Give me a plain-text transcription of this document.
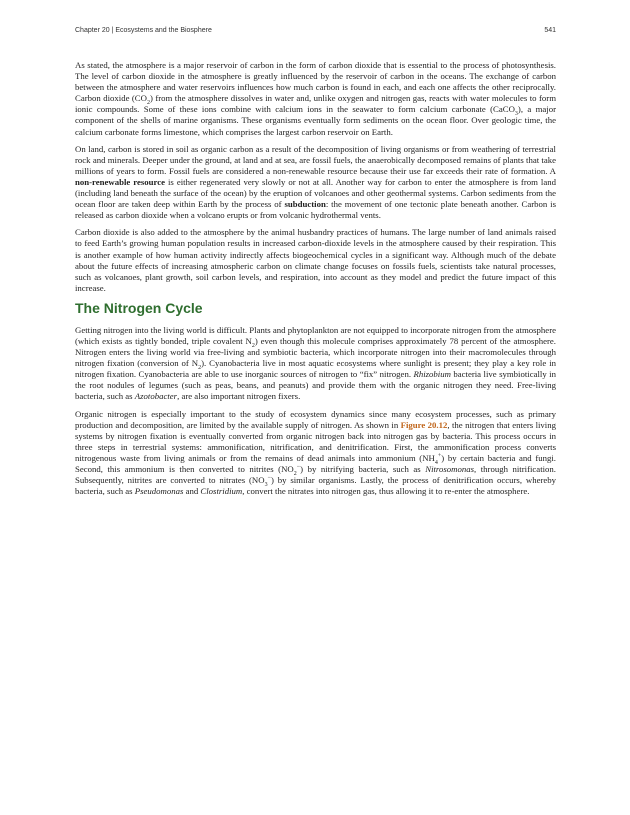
Chapter 20 | Ecosystems and the Biosphere	541

As stated, the atmosphere is a major reservoir of carbon in the form of carbon dioxide that is essential to the process of photosynthesis. The level of carbon dioxide in the atmosphere is greatly influenced by the reservoir of carbon in the oceans. The exchange of carbon between the atmosphere and water reservoirs influences how much carbon is found in each, and each one affects the other reciprocally. Carbon dioxide $(CO_2)$ from the atmosphere dissolves in water and, unlike oxygen and nitrogen gas, reacts with water molecules to form ionic compounds. Some of these ions combine with calcium ions in the seawater to form calcium carbonate (CaCO$_3$), a major component of the shells of marine organisms. These organisms eventually form sediments on the ocean floor. Over geologic time, the calcium carbonate forms limestone, which comprises the largest carbon reservoir on Earth.

On land, carbon is stored in soil as organic carbon as a result of the decomposition of living organisms or from weathering of terrestrial rock and minerals. Deeper under the ground, at land and at sea, are fossil fuels, the anaerobically decomposed remains of plants that take millions of years to form. Fossil fuels are considered a non-renewable resource because their use far exceeds their rate of formation. A non-renewable resource is either regenerated very slowly or not at all. Another way for carbon to enter the atmosphere is from land (including land beneath the surface of the ocean) by the eruption of volcanoes and other geothermal systems. Carbon sediments from the ocean floor are taken deep within Earth by the process of subduction: the movement of one tectonic plate beneath another. Carbon is released as carbon dioxide when a volcano erupts or from volcanic hydrothermal vents.

Carbon dioxide is also added to the atmosphere by the animal husbandry practices of humans. The large number of land animals raised to feed Earth’s growing human population results in increased carbon-dioxide levels in the atmosphere caused by their respiration. This is another example of how human activity indirectly affects biogeochemical cycles in a significant way. Although much of the debate about the future effects of increasing atmospheric carbon on climate change focuses on fossils fuels, scientists take natural processes, such as volcanoes, plant growth, soil carbon levels, and respiration, into account as they model and predict the future impact of this increase.

The Nitrogen Cycle

Getting nitrogen into the living world is difficult. Plants and phytoplankton are not equipped to incorporate nitrogen from the atmosphere (which exists as tightly bonded, triple covalent $N_2$) even though this molecule comprises approximately 78 percent of the atmosphere. Nitrogen enters the living world via free-living and symbiotic bacteria, which incorporate nitrogen into their macromolecules through nitrogen fixation (conversion of $N_2$). Cyanobacteria live in most aquatic ecosystems where sunlight is present; they play a key role in nitrogen fixation. Cyanobacteria are able to use inorganic sources of nitrogen to “fix” nitrogen. Rhizobium bacteria live symbiotically in the root nodules of legumes (such as peas, beans, and peanuts) and provide them with the organic nitrogen they need. Free-living bacteria, such as Azotobacter, are also important nitrogen fixers.

Organic nitrogen is especially important to the study of ecosystem dynamics since many ecosystem processes, such as primary production and decomposition, are limited by the available supply of nitrogen. As shown in Figure 20.12, the nitrogen that enters living systems by nitrogen fixation is eventually converted from organic nitrogen back into nitrogen gas by bacteria. This process occurs in three steps in terrestrial systems: ammonification, nitrification, and denitrification. First, the ammonification process converts nitrogenous waste from living animals or from the remains of dead animals into ammonium $(NH_4^+)$ by certain bacteria and fungi. Second, this ammonium is then converted to nitrites $(NO_2^-)$ by nitrifying bacteria, such as Nitrosomonas, through nitrification. Subsequently, nitrites are converted to nitrates $(NO_3^-)$ by similar organisms. Lastly, the process of denitrification occurs, whereby bacteria, such as Pseudomonas and Clostridium, convert the nitrates into nitrogen gas, thus allowing it to re-enter the atmosphere.
